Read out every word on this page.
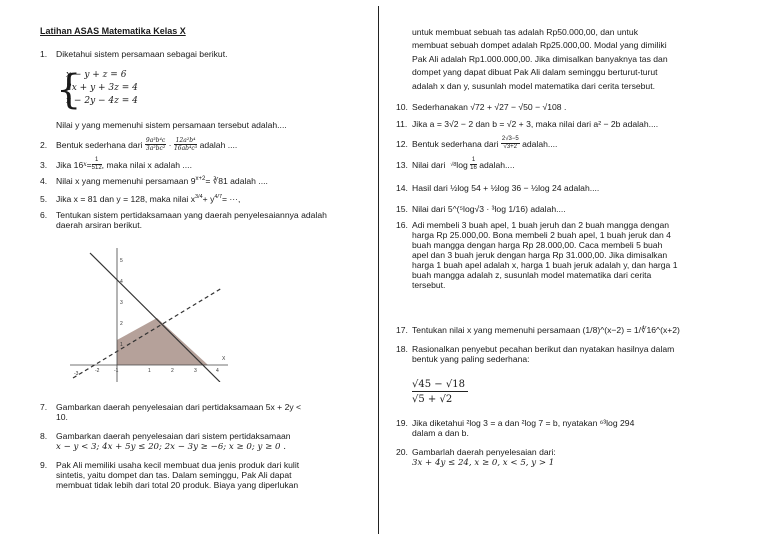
Latihan ASAS Matematika Kelas X
1.	Diketahui sistem persamaan sebagai berikut.
{
x − y + z = 6
2x + y + 3z = 4
x − 2y − 4z = 4
Nilai y yang memenuhi sistem persamaan tersebut adalah....
2.	Bentuk sederhana dari
$\frac{\text{9a³b⁴c}}{\text{3a²bc²}}$
·
$\frac{\text{12a²b⁴}}{\text{16ab⁴c³}}$
adalah ....
3.	Jika 16 $x = \frac{1}{512}$ , maka nilai x adalah ....
4.	Nilai x yang memenuhi persamaan 9 x+2 = ∛81 adalah ....
5.	Jika x = 81 dan y = 128, maka nilai x 3/4 + y 4/7 = ···,
6.	Tentukan sistem pertidaksamaan yang daerah penyelesaiannya adalah daerah arsiran berikut.
-3	-2	-1	1	2	3	4
5
4
3
2
1
X
7.	Gambarkan daerah penyelesaian dari pertidaksamaan 5x + 2y <
10.
8.	Gambarkan daerah penyelesaian dari sistem pertidaksamaan
x − y < 3; 4x + 5y ≤ 20; 2x − 3y ≥ −6; x ≥ 0; y ≥ 0 .
9.	Pak Ali memiliki usaha kecil membuat dua jenis produk dari kulit
sintetis, yaitu dompet dan tas. Dalam seminggu, Pak Ali dapat
membuat tidak lebih dari total 20 produk. Biaya yang diperlukan
untuk membuat sebuah tas adalah Rp50.000,00, dan untuk
membuat sebuah dompet adalah Rp25.000,00. Modal yang dimiliki
Pak Ali adalah Rp1.000.000,00. Jika dimisalkan banyaknya tas dan
dompet yang dapat dibuat Pak Ali dalam seminggu berturut-turut
adalah x dan y, susunlah model matematika dari cerita tersebut.
10. Sederhanakan √72 + √27 − √50 − √108 .
11. Jika a = 3√2 − 2 dan b = √2 + 3, maka nilai dari a² − 2b adalah....
12. Bentuk sederhana dari
$\frac{2√3-5}{√3+2}$
adalah....
13. Nilai dari
√8 log
$\frac{1}{16}$
adalah....
14. Hasil dari ½log 54 + ½log 36 − ½log 24 adalah....
15. Nilai dari 5^(⁵log√3 · ³log 1/16) adalah....
16. Adi membeli 3 buah apel, 1 buah jeruh dan 2 buah mangga dengan
harga Rp 25.000,00. Bona membeli 2 buah apel, 1 buah jeruk dan 4
buah mangga dengan harga Rp 28.000,00. Caca membeli 5 buah
apel dan 3 buah jeruk dengan harga Rp 31.000,00. Jika dimisalkan
harga 1 buah apel adalah x, harga 1 buah jeruk adalah y, dan harga 1
buah mangga adalah z, susunlah model matematika dari cerita
tersebut.
17. Tentukan nilai x yang memenuhi persamaan (1/8)^(x−2) = 1/∜16^(x+2)
18. Rasionalkan penyebut pecahan berikut dan nyatakan hasilnya dalam
bentuk yang paling sederhana:
$\frac{√45 - √18}{√5 + √2}$
19. Jika diketahui ²log 3 = a dan ²log 7 = b, nyatakan ⁶³log 294
dalam a dan b.
20. Gambarlah daerah penyelesaian dari:
3x + 4y ≤ 24, x ≥ 0, x < 5, y > 1
